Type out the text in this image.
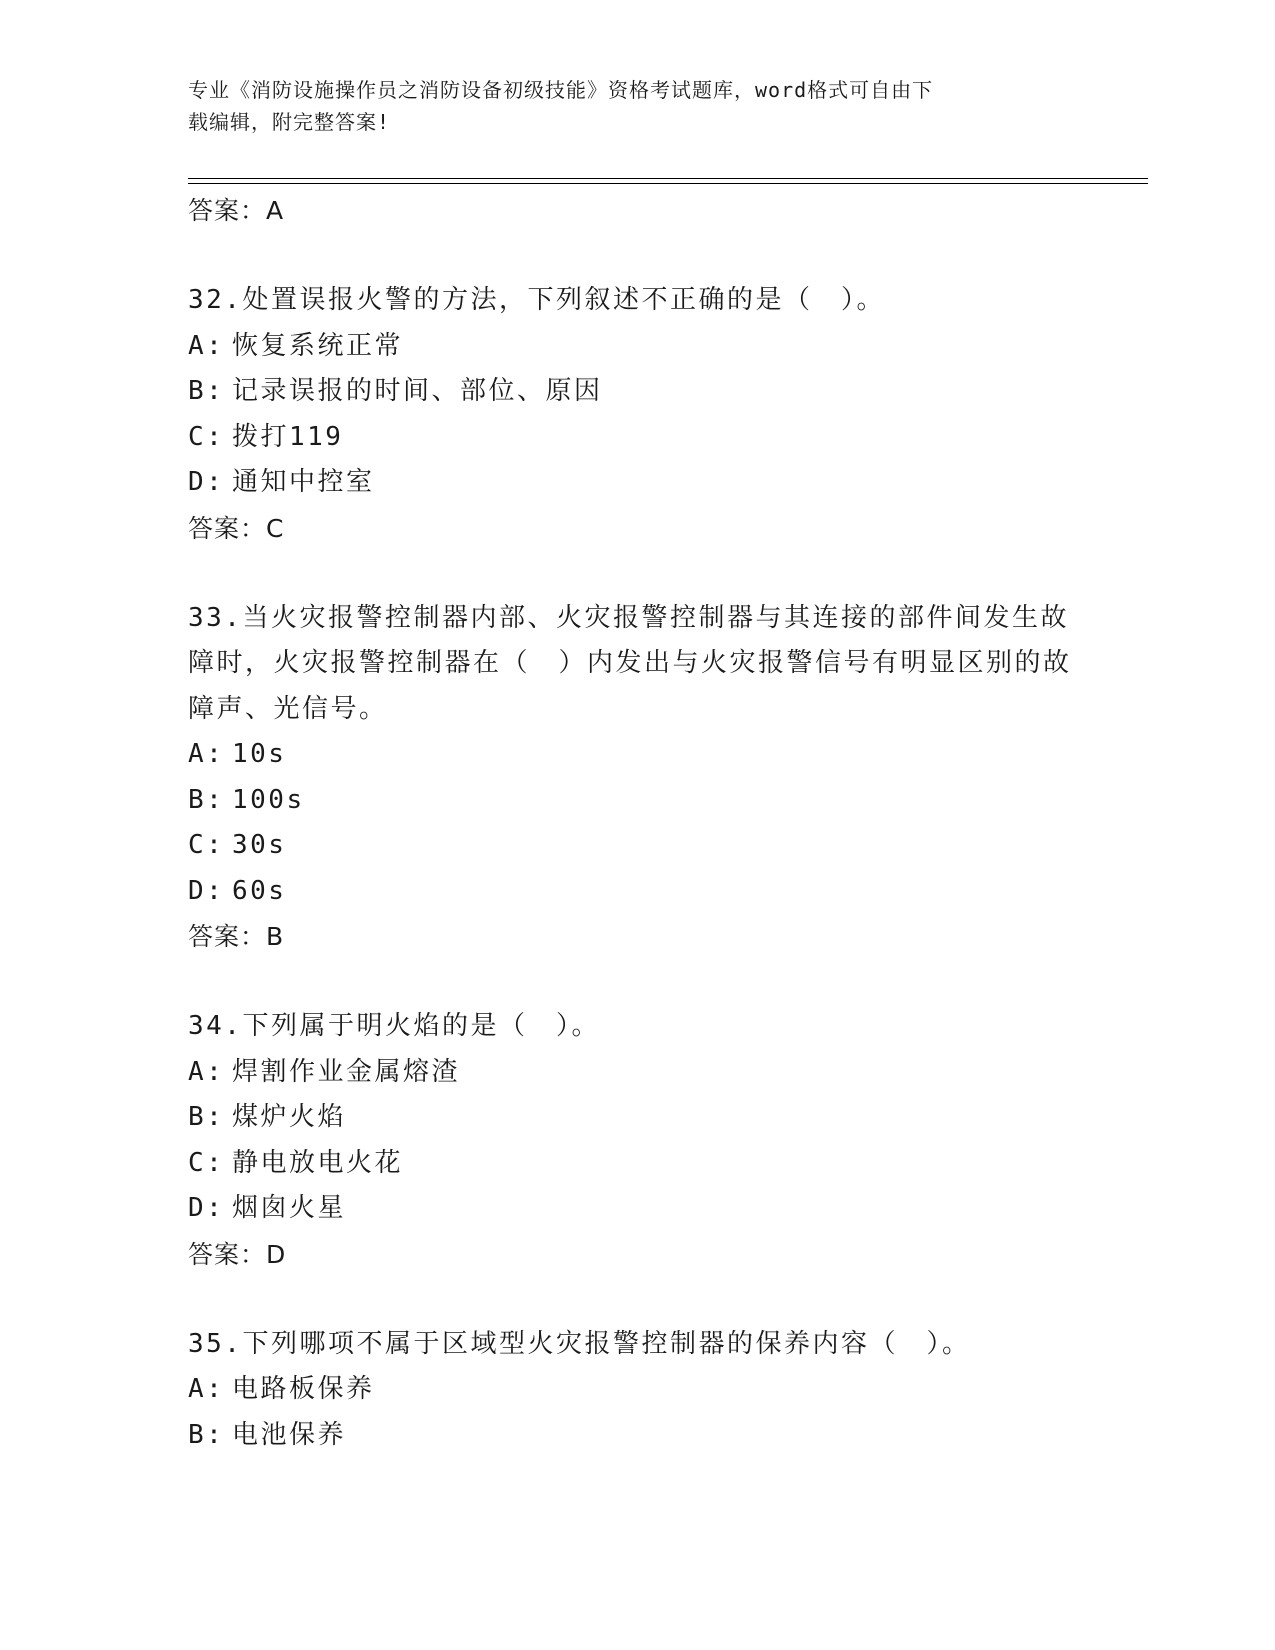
专业《消防设施操作员之消防设备初级技能》资格考试题库，word格式可自由下
载编辑，附完整答案!
答案：A
32.处置误报火警的方法，下列叙述不正确的是（　）。
A: 恢复系统正常
B: 记录误报的时间、部位、原因
C: 拨打119
D: 通知中控室
答案：C
33.当火灾报警控制器内部、火灾报警控制器与其连接的部件间发生故障时，火灾报警控制器在（　）内发出与火灾报警信号有明显区别的故障声、光信号。
A: 10s
B: 100s
C: 30s
D: 60s
答案：B
34.下列属于明火焰的是（　）。
A: 焊割作业金属熔渣
B: 煤炉火焰
C: 静电放电火花
D: 烟囱火星
答案：D
35.下列哪项不属于区域型火灾报警控制器的保养内容（　）。
A: 电路板保养
B: 电池保养
